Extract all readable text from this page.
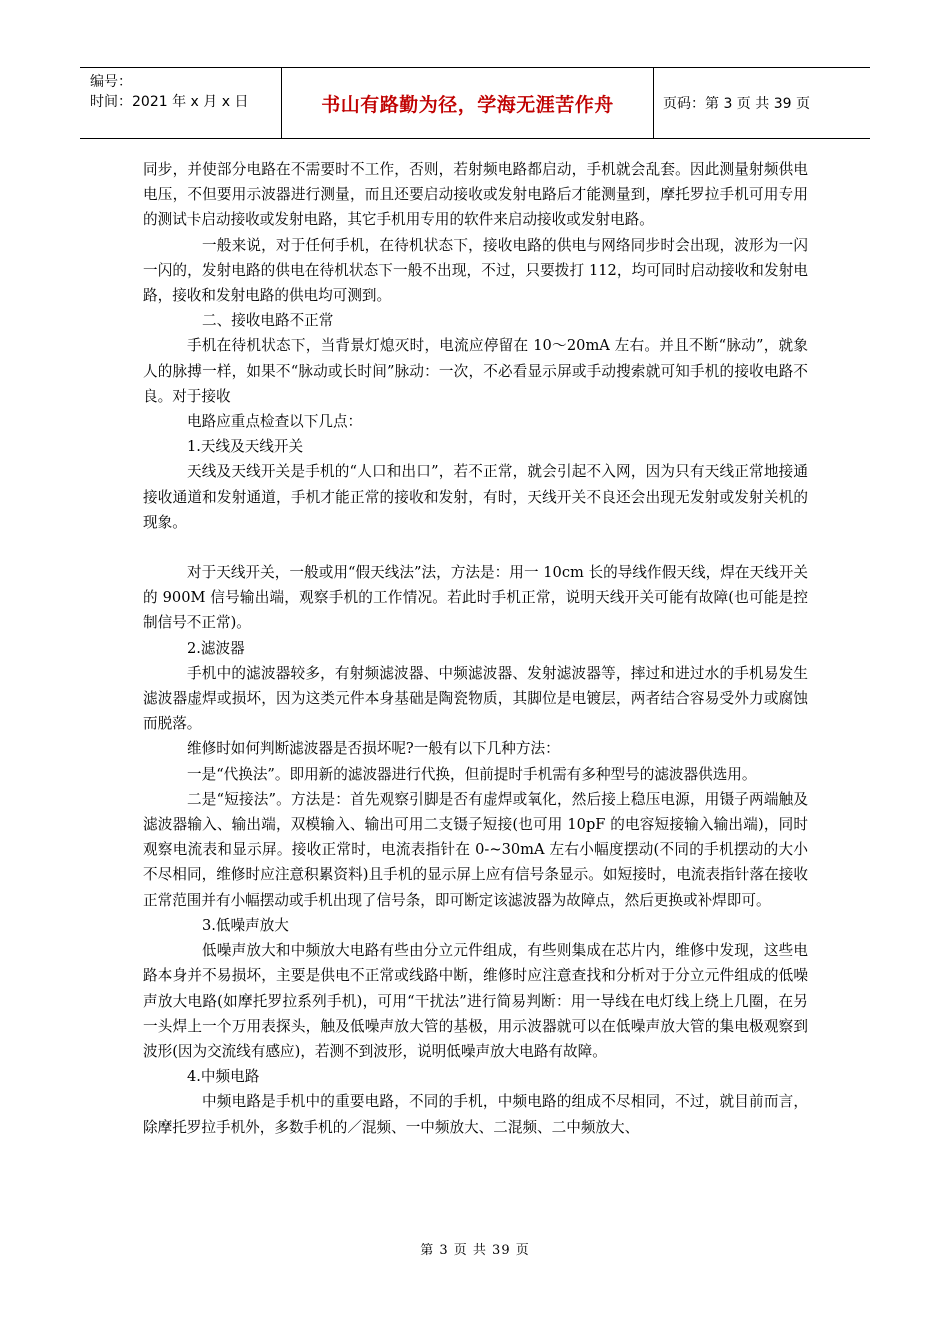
编号：
时间：2021 年 x 月 x 日	书山有路勤为径，学海无涯苦作舟	页码：第 3 页 共 39 页

同步，并使部分电路在不需要时不工作，否则，若射频电路都启动，手机就会乱套。因此测量射频供电电压，不但要用示波器进行测量，而且还要启动接收或发射电路后才能测量到，摩托罗拉手机可用专用的测试卡启动接收或发射电路，其它手机用专用的软件来启动接收或发射电路。

一般来说，对于任何手机，在待机状态下，接收电路的供电与网络同步时会出现，波形为一闪一闪的，发射电路的供电在待机状态下一般不出现，不过，只要拨打 112，均可同时启动接收和发射电路，接收和发射电路的供电均可测到。

二、接收电路不正常

手机在待机状态下，当背景灯熄灭时，电流应停留在 10～20mA 左右。并且不断“脉动”，就象人的脉搏一样，如果不“脉动或长时间”脉动：一次，不必看显示屏或手动搜索就可知手机的接收电路不良。对于接收

电路应重点检查以下几点：

1.天线及天线开关

天线及天线开关是手机的“人口和出口”，若不正常，就会引起不入网，因为只有天线正常地接通接收通道和发射通道，手机才能正常的接收和发射，有时，天线开关不良还会出现无发射或发射关机的现象。

对于天线开关，一般或用“假天线法”法，方法是：用一 10cm 长的导线作假天线，焊在天线开关的 900M 信号输出端，观察手机的工作情况。若此时手机正常，说明天线开关可能有故障(也可能是控制信号不正常)。

2.滤波器

手机中的滤波器较多，有射频滤波器、中频滤波器、发射滤波器等，摔过和进过水的手机易发生滤波器虚焊或损坏，因为这类元件本身基础是陶瓷物质，其脚位是电镀层，两者结合容易受外力或腐蚀而脱落。

维修时如何判断滤波器是否损坏呢?一般有以下几种方法：

一是“代换法”。即用新的滤波器进行代换，但前提时手机需有多种型号的滤波器供选用。

二是“短接法”。方法是：首先观察引脚是否有虚焊或氧化，然后接上稳压电源，用镊子两端触及滤波器输入、输出端，双模输入、输出可用二支镊子短接(也可用 10pF 的电容短接输入输出端)，同时观察电流表和显示屏。接收正常时，电流表指针在 0-~30mA 左右小幅度摆动(不同的手机摆动的大小不尽相同，维修时应注意积累资料)且手机的显示屏上应有信号条显示。如短接时，电流表指针落在接收正常范围并有小幅摆动或手机出现了信号条，即可断定该滤波器为故障点，然后更换或补焊即可。

3.低噪声放大

低噪声放大和中频放大电路有些由分立元件组成，有些则集成在芯片内，维修中发现，这些电路本身并不易损坏，主要是供电不正常或线路中断，维修时应注意查找和分析对于分立元件组成的低噪声放大电路(如摩托罗拉系列手机)，可用“干扰法”进行简易判断：用一导线在电灯线上绕上几圈，在另一头焊上一个万用表探头，触及低噪声放大管的基极，用示波器就可以在低噪声放大管的集电极观察到波形(因为交流线有感应)，若测不到波形，说明低噪声放大电路有故障。

4.中频电路

中频电路是手机中的重要电路，不同的手机，中频电路的组成不尽相同，不过，就目前而言，除摩托罗拉手机外，多数手机的／混频、一中频放大、二混频、二中频放大、

第 3 页 共 39 页
